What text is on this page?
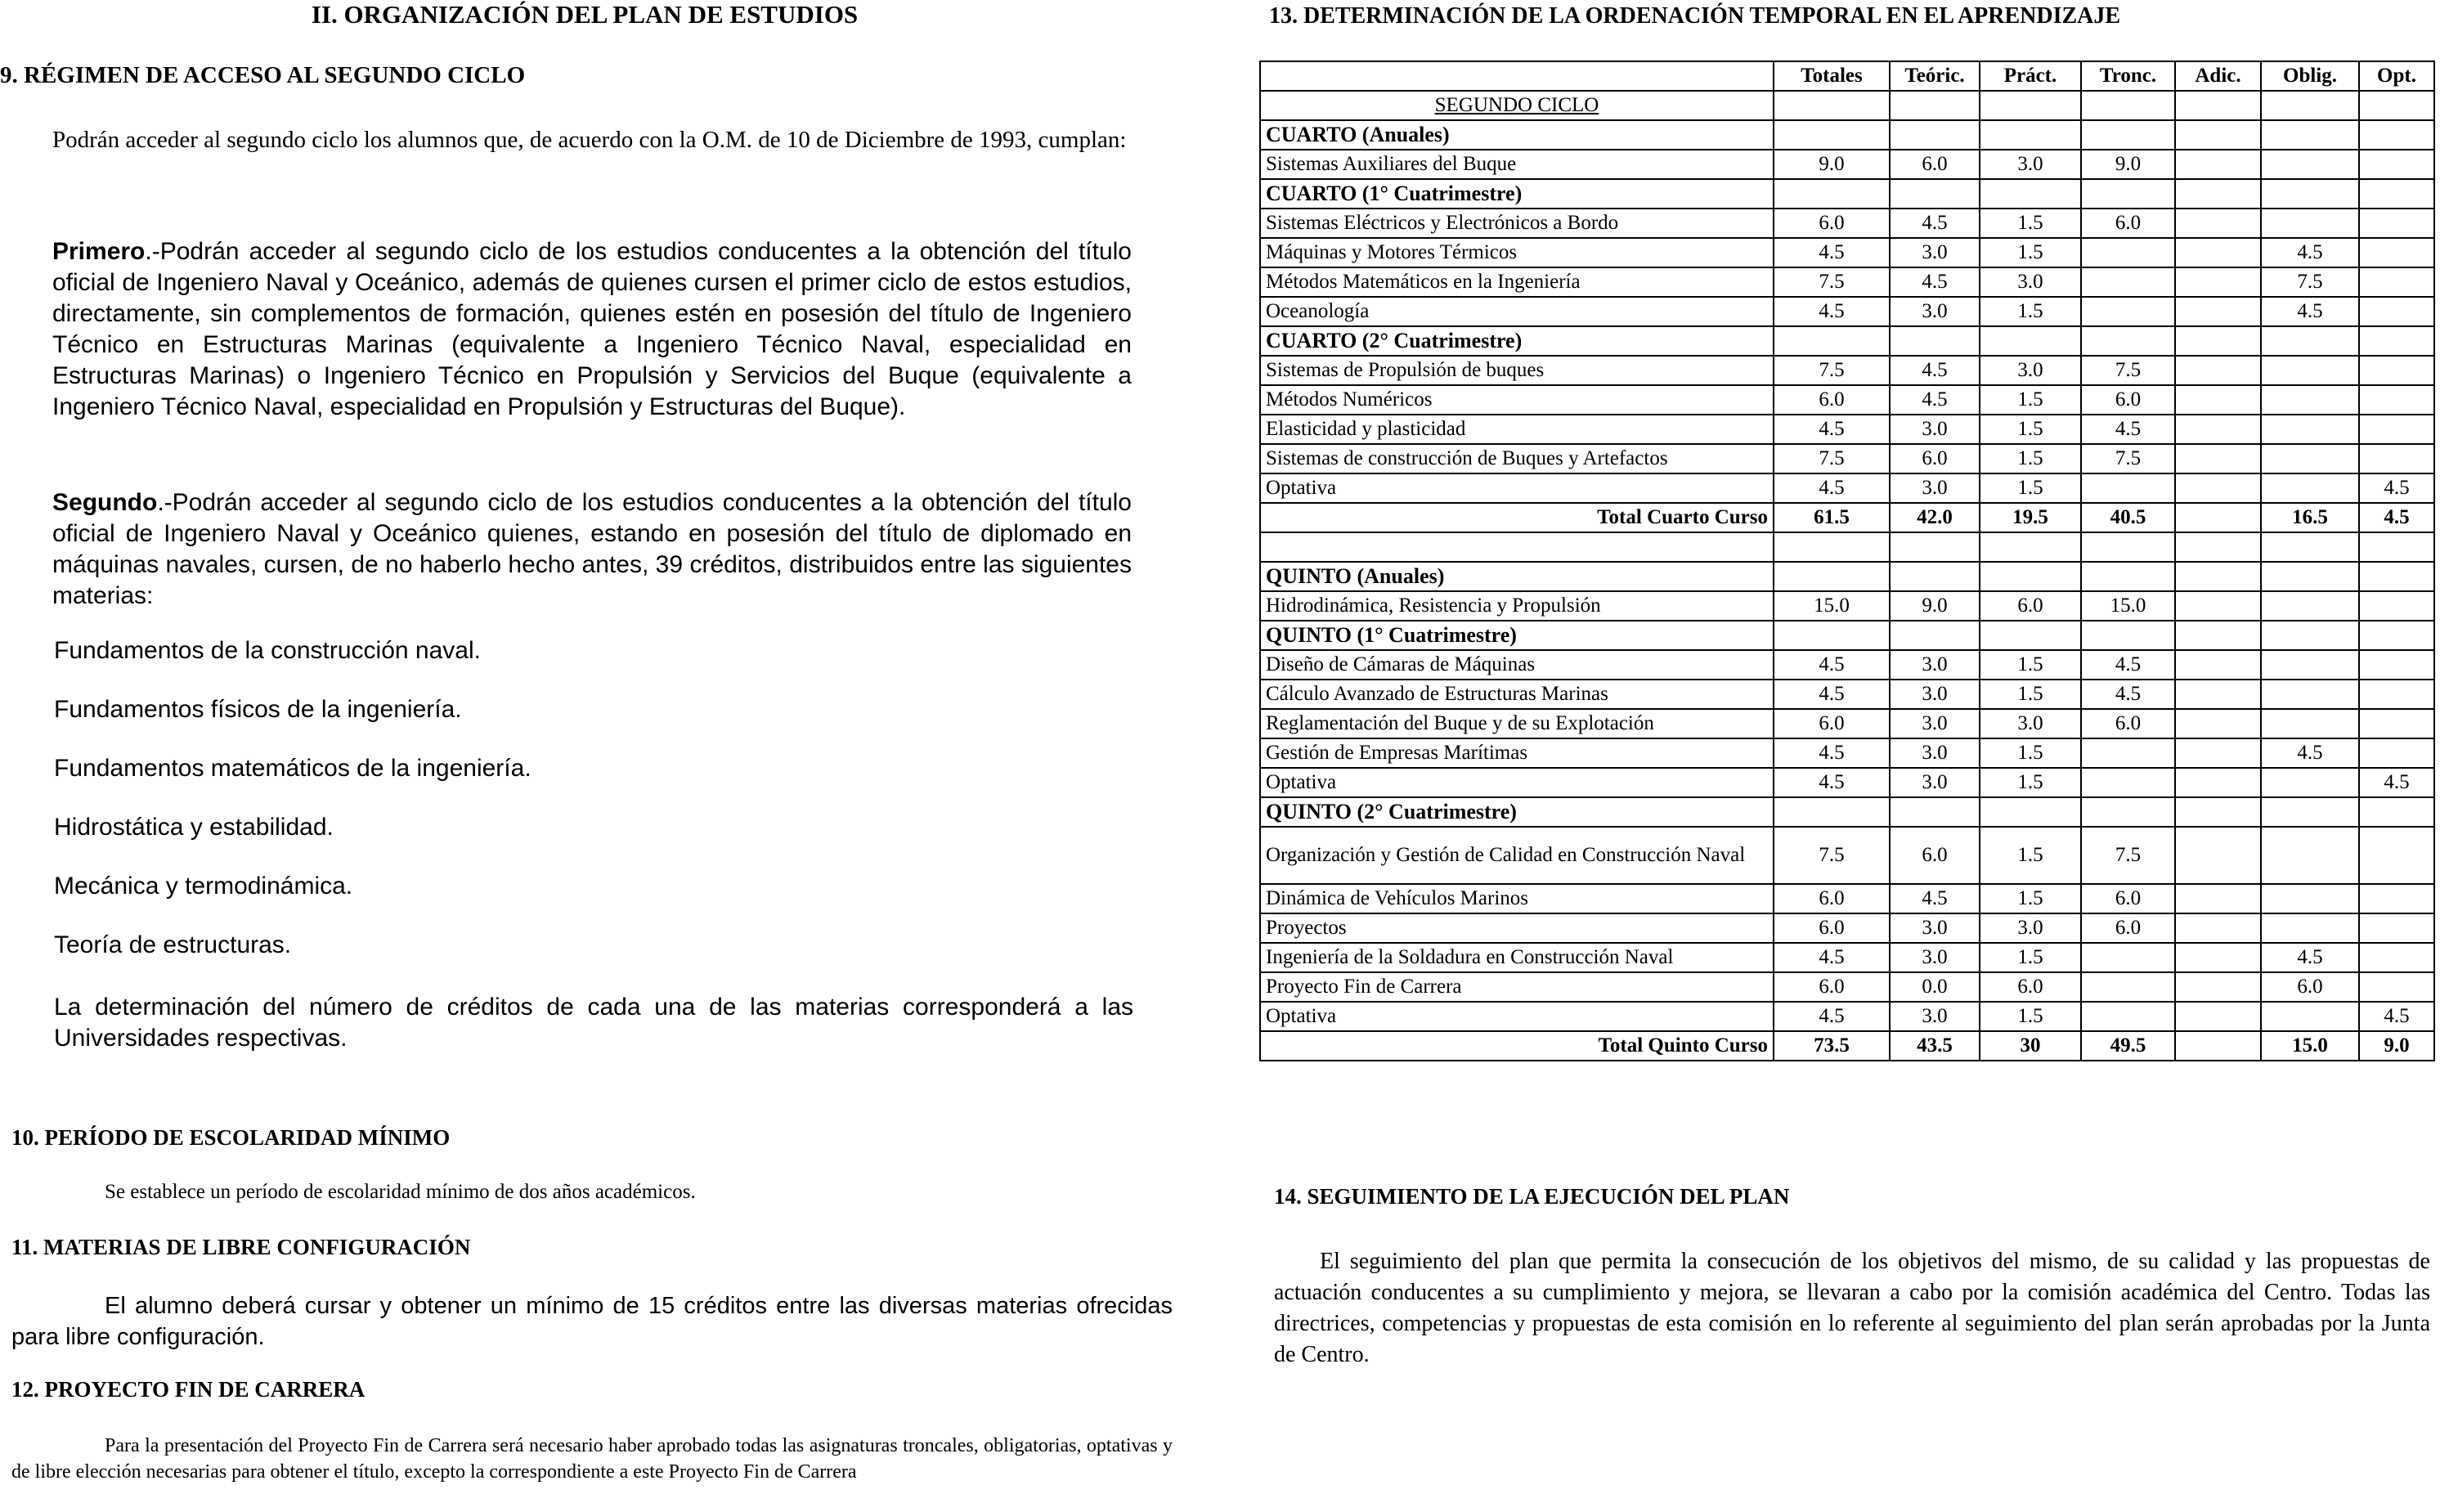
II. ORGANIZACIÓN DEL PLAN DE ESTUDIOS
9. RÉGIMEN DE ACCESO AL SEGUNDO CICLO
Podrán acceder al segundo ciclo los alumnos que, de acuerdo con la O.M. de 10 de Diciembre de 1993, cumplan:
Primero.-Podrán acceder al segundo ciclo de los estudios conducentes a la obtención del título oficial de Ingeniero Naval y Oceánico, además de quienes cursen el primer ciclo de estos estudios, directamente, sin complementos de formación, quienes estén en posesión del título de Ingeniero Técnico en Estructuras Marinas (equivalente a Ingeniero Técnico Naval, especialidad en Estructuras Marinas) o Ingeniero Técnico en Propulsión y Servicios del Buque (equivalente a Ingeniero Técnico Naval, especialidad en Propulsión y Estructuras del Buque).
Segundo.-Podrán acceder al segundo ciclo de los estudios conducentes a la obtención del título oficial de Ingeniero Naval y Oceánico quienes, estando en posesión del título de diplomado en máquinas navales, cursen, de no haberlo hecho antes, 39 créditos, distribuidos entre las siguientes materias:
Fundamentos de la construcción naval.
Fundamentos físicos de la ingeniería.
Fundamentos matemáticos de la ingeniería.
Hidrostática y estabilidad.
Mecánica y termodinámica.
Teoría de estructuras.
La determinación del número de créditos de cada una de las materias corresponderá a las Universidades respectivas.
10. PERÍODO DE ESCOLARIDAD MÍNIMO
Se establece un período de escolaridad mínimo de dos años académicos.
11. MATERIAS DE LIBRE CONFIGURACIÓN
El alumno deberá cursar y obtener un mínimo de 15 créditos entre las diversas materias ofrecidas para libre configuración.
12. PROYECTO FIN DE CARRERA
Para la presentación del Proyecto Fin de Carrera será necesario haber aprobado todas las asignaturas troncales, obligatorias, optativas y de libre elección necesarias para obtener el título, excepto la correspondiente a este Proyecto Fin de Carrera
13. DETERMINACIÓN DE LA ORDENACIÓN TEMPORAL EN EL APRENDIZAJE
	Totales	Teóric.	Práct.	Tronc.	Adic.	Oblig.	Opt.
SEGUNDO CICLO							
CUARTO (Anuales)							
Sistemas Auxiliares del Buque	9.0	6.0	3.0	9.0			
CUARTO (1° Cuatrimestre)							
Sistemas Eléctricos y Electrónicos a Bordo	6.0	4.5	1.5	6.0			
Máquinas y Motores Térmicos	4.5	3.0	1.5			4.5	
Métodos Matemáticos en la Ingeniería	7.5	4.5	3.0			7.5	
Oceanología	4.5	3.0	1.5			4.5	
CUARTO (2° Cuatrimestre)							
Sistemas de Propulsión de buques	7.5	4.5	3.0	7.5			
Métodos Numéricos	6.0	4.5	1.5	6.0			
Elasticidad y plasticidad	4.5	3.0	1.5	4.5			
Sistemas de construcción de Buques y Artefactos	7.5	6.0	1.5	7.5			
Optativa	4.5	3.0	1.5				4.5
Total Cuarto Curso	61.5	42.0	19.5	40.5		16.5	4.5

QUINTO (Anuales)							
Hidrodinámica, Resistencia y Propulsión	15.0	9.0	6.0	15.0			
QUINTO (1° Cuatrimestre)							
Diseño de Cámaras de Máquinas	4.5	3.0	1.5	4.5			
Cálculo Avanzado de Estructuras Marinas	4.5	3.0	1.5	4.5			
Reglamentación del Buque y de su Explotación	6.0	3.0	3.0	6.0			
Gestión de Empresas Marítimas	4.5	3.0	1.5			4.5	
Optativa	4.5	3.0	1.5				4.5
QUINTO (2° Cuatrimestre)							
Organización y Gestión de Calidad en Construcción Naval	7.5	6.0	1.5	7.5			
Dinámica de Vehículos Marinos	6.0	4.5	1.5	6.0			
Proyectos	6.0	3.0	3.0	6.0			
Ingeniería de la Soldadura en Construcción Naval	4.5	3.0	1.5			4.5	
Proyecto Fin de Carrera	6.0	0.0	6.0			6.0	
Optativa	4.5	3.0	1.5				4.5
Total Quinto Curso	73.5	43.5	30	49.5		15.0	9.0
14. SEGUIMIENTO DE LA EJECUCIÓN DEL PLAN
El seguimiento del plan que permita la consecución de los objetivos del mismo, de su calidad y las propuestas de actuación conducentes a su cumplimiento y mejora, se llevaran a cabo por la comisión académica del Centro. Todas las directrices, competencias y propuestas de esta comisión en lo referente al seguimiento del plan serán aprobadas por la Junta de Centro.
